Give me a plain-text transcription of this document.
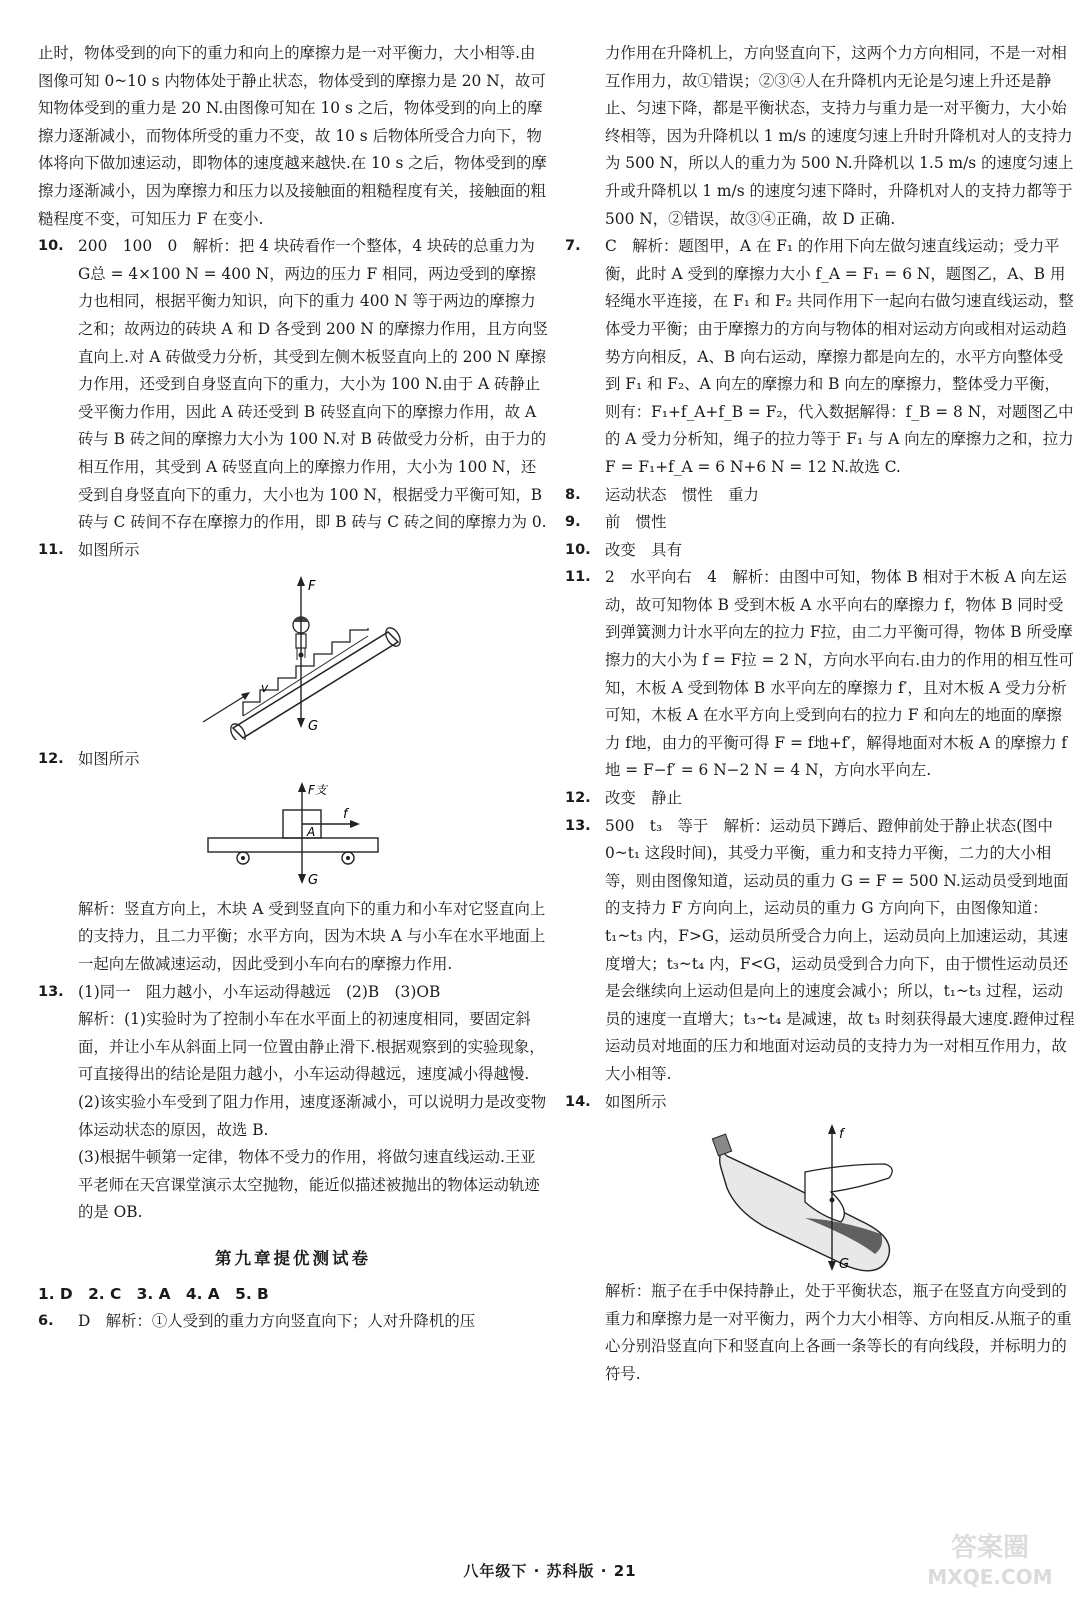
止时，物体受到的向下的重力和向上的摩擦力是一对平衡力，大小相等.由图像可知 0~10 s 内物体处于静止状态，物体受到的摩擦力是 20 N，故可知物体受到的重力是 20 N.由图像可知在 10 s 之后，物体受到的向上的摩擦力逐渐减小，而物体所受的重力不变，故 10 s 后物体所受合力向下，物体将向下做加速运动，即物体的速度越来越快.在 10 s 之后，物体受到的摩擦力逐渐减小，因为摩擦力和压力以及接触面的粗糙程度有关，接触面的粗糙程度不变，可知压力 F 在变小.
10. 200　100　0　解析：把 4 块砖看作一个整体，4 块砖的总重力为 G总 = 4×100 N = 400 N，两边的压力 F 相同，两边受到的摩擦力也相同，根据平衡力知识，向下的重力 400 N 等于两边的摩擦力之和；故两边的砖块 A 和 D 各受到 200 N 的摩擦力作用，且方向竖直向上.对 A 砖做受力分析，其受到左侧木板竖直向上的 200 N 摩擦力作用，还受到自身竖直向下的重力，大小为 100 N.由于 A 砖静止受平衡力作用，因此 A 砖还受到 B 砖竖直向下的摩擦力作用，故 A 砖与 B 砖之间的摩擦力大小为 100 N.对 B 砖做受力分析，由于力的相互作用，其受到 A 砖竖直向上的摩擦力作用，大小为 100 N，还受到自身竖直向下的重力，大小也为 100 N，根据受力平衡可知，B 砖与 C 砖间不存在摩擦力的作用，即 B 砖与 C 砖之间的摩擦力为 0.
11. 如图所示
v
F
G
12. 如图所示
F支
f
A
G
解析：竖直方向上，木块 A 受到竖直向下的重力和小车对它竖直向上的支持力，且二力平衡；水平方向，因为木块 A 与小车在水平地面上一起向左做减速运动，因此受到小车向右的摩擦力作用.
13. (1)同一　阻力越小，小车运动得越远　(2)B　(3)OB
解析：(1)实验时为了控制小车在水平面上的初速度相同，要固定斜面，并让小车从斜面上同一位置由静止滑下.根据观察到的实验现象，可直接得出的结论是阻力越小，小车运动得越远，速度减小得越慢.
(2)该实验小车受到了阻力作用，速度逐渐减小，可以说明力是改变物体运动状态的原因，故选 B.
(3)根据牛顿第一定律，物体不受力的作用，将做匀速直线运动.王亚平老师在天宫课堂演示太空抛物，能近似描述被抛出的物体运动轨迹的是 OB.
第九章提优测试卷
1. D　2. C　3. A　4. A　5. B
6. D　解析：①人受到的重力方向竖直向下；人对升降机的压
力作用在升降机上，方向竖直向下，这两个力方向相同，不是一对相互作用力，故①错误；②③④人在升降机内无论是匀速上升还是静止、匀速下降，都是平衡状态，支持力与重力是一对平衡力，大小始终相等，因为升降机以 1 m/s 的速度匀速上升时升降机对人的支持力为 500 N，所以人的重力为 500 N.升降机以 1.5 m/s 的速度匀速上升或升降机以 1 m/s 的速度匀速下降时，升降机对人的支持力都等于 500 N，②错误，故③④正确，故 D 正确.
7. C　解析：题图甲，A 在 F₁ 的作用下向左做匀速直线运动；受力平衡，此时 A 受到的摩擦力大小 f_A = F₁ = 6 N，题图乙，A、B 用轻绳水平连接，在 F₁ 和 F₂ 共同作用下一起向右做匀速直线运动，整体受力平衡；由于摩擦力的方向与物体的相对运动方向或相对运动趋势方向相反，A、B 向右运动，摩擦力都是向左的，水平方向整体受到 F₁ 和 F₂、A 向左的摩擦力和 B 向左的摩擦力，整体受力平衡，则有：F₁+f_A+f_B = F₂，代入数据解得：f_B = 8 N，对题图乙中的 A 受力分析知，绳子的拉力等于 F₁ 与 A 向左的摩擦力之和，拉力 F = F₁+f_A = 6 N+6 N = 12 N.故选 C.
8. 运动状态　惯性　重力
9. 前　惯性
10. 改变　具有
11. 2　水平向右　4　解析：由图中可知，物体 B 相对于木板 A 向左运动，故可知物体 B 受到木板 A 水平向右的摩擦力 f，物体 B 同时受到弹簧测力计水平向左的拉力 F拉，由二力平衡可得，物体 B 所受摩擦力的大小为 f = F拉 = 2 N，方向水平向右.由力的作用的相互性可知，木板 A 受到物体 B 水平向左的摩擦力 f′，且对木板 A 受力分析可知，木板 A 在水平方向上受到向右的拉力 F 和向左的地面的摩擦力 f地，由力的平衡可得 F = f地+f′，解得地面对木板 A 的摩擦力 f地 = F−f′ = 6 N−2 N = 4 N，方向水平向左.
12. 改变　静止
13. 500　t₃　等于　解析：运动员下蹲后、蹬伸前处于静止状态(图中 0~t₁ 这段时间)，其受力平衡，重力和支持力平衡，二力的大小相等，则由图像知道，运动员的重力 G = F = 500 N.运动员受到地面的支持力 F 方向向上，运动员的重力 G 方向向下，由图像知道：t₁~t₃ 内，F>G，运动员所受合力向上，运动员向上加速运动，其速度增大；t₃~t₄ 内，F<G，运动员受到合力向下，由于惯性运动员还是会继续向上运动但是向上的速度会减小；所以，t₁~t₃ 过程，运动员的速度一直增大；t₃~t₄ 是减速，故 t₃ 时刻获得最大速度.蹬伸过程运动员对地面的压力和地面对运动员的支持力为一对相互作用力，故大小相等.
14. 如图所示
f
G
解析：瓶子在手中保持静止，处于平衡状态，瓶子在竖直方向受到的重力和摩擦力是一对平衡力，两个力大小相等、方向相反.从瓶子的重心分别沿竖直向下和竖直向上各画一条等长的有向线段，并标明力的符号.
八年级下 · 苏科版 · 21
答案圈
MXQE.COM
